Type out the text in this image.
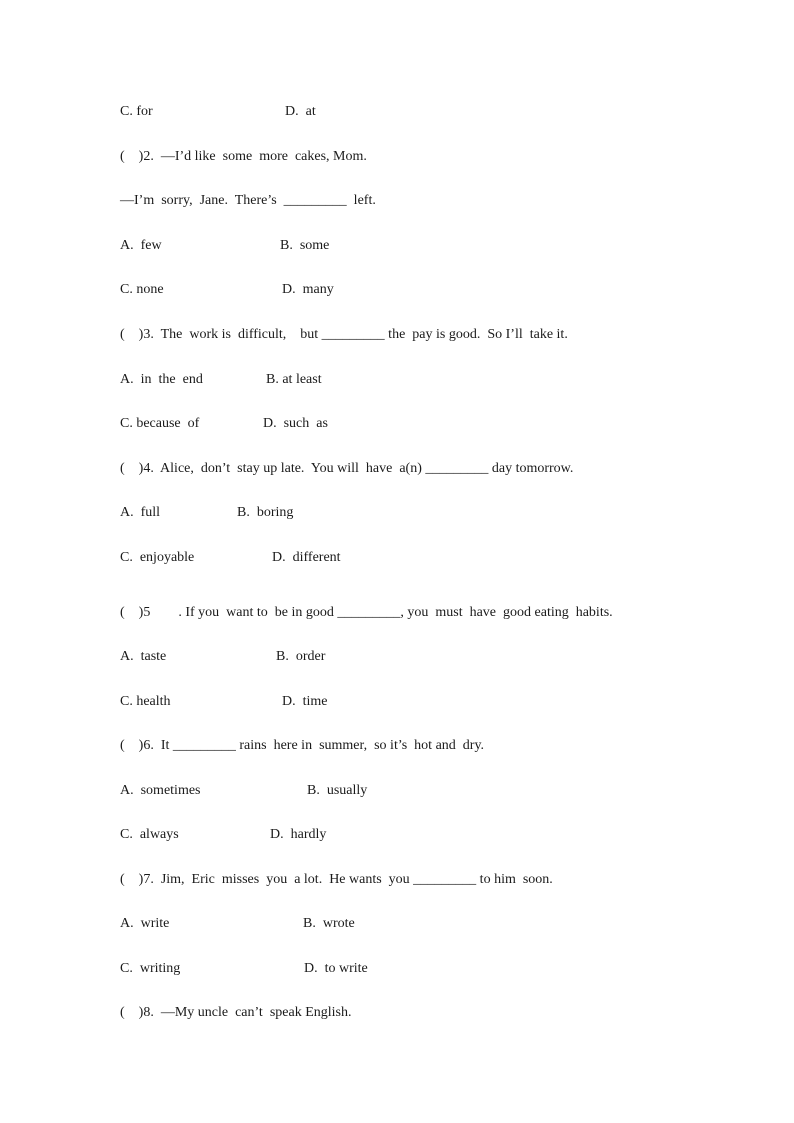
C. for	D.  at
(    )2.  —I’d like  some  more  cakes, Mom.
—I’m  sorry,  Jane.  There’s  _________  left.
A.  few	B.  some
C. none	D.  many
(    )3.  The  work is  difficult,    but _________ the  pay is good.  So I’ll  take it.
A.  in  the  end	B. at least
C. because  of	D.  such  as
(    )4.  Alice,  don’t  stay up late.  You will  have  a(n) _________ day tomorrow.
A.  full	B.  boring
C.  enjoyable	D.  different
(    )5        . If you  want to  be in good _________, you  must  have  good eating  habits.
A.  taste	B.  order
C. health	D.  time
(    )6.  It _________ rains  here in  summer,  so it’s  hot and  dry.
A.  sometimes	B.  usually
C.  always	D.  hardly
(    )7.  Jim,  Eric  misses  you  a lot.  He wants  you _________ to him  soon.
A.  write	B.  wrote
C.  writing	D.  to write
(    )8.  —My uncle  can’t  speak English.
